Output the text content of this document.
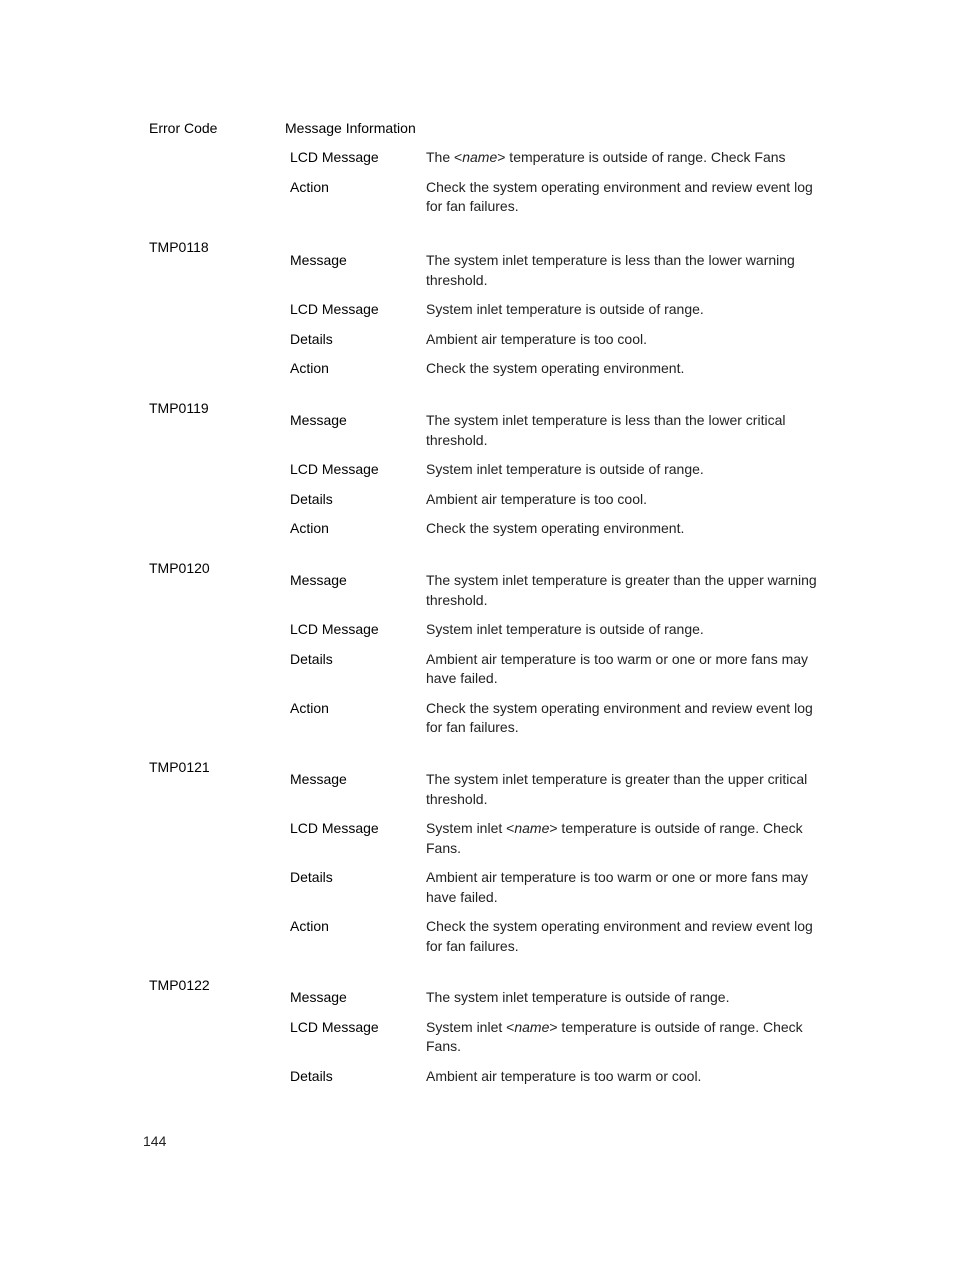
Error Code	Message Information
LCD Message	The <name> temperature is outside of range. Check Fans
Action	Check the system operating environment and review event log for fan failures.
TMP0118
Message	The system inlet temperature is less than the lower warning threshold.
LCD Message	System inlet temperature is outside of range.
Details	Ambient air temperature is too cool.
Action	Check the system operating environment.
TMP0119
Message	The system inlet temperature is less than the lower critical threshold.
LCD Message	System inlet temperature is outside of range.
Details	Ambient air temperature is too cool.
Action	Check the system operating environment.
TMP0120
Message	The system inlet temperature is greater than the upper warning threshold.
LCD Message	System inlet temperature is outside of range.
Details	Ambient air temperature is too warm or one or more fans may have failed.
Action	Check the system operating environment and review event log for fan failures.
TMP0121
Message	The system inlet temperature is greater than the upper critical threshold.
LCD Message	System inlet <name> temperature is outside of range. Check Fans.
Details	Ambient air temperature is too warm or one or more fans may have failed.
Action	Check the system operating environment and review event log for fan failures.
TMP0122
Message	The system inlet temperature is outside of range.
LCD Message	System inlet <name> temperature is outside of range. Check Fans.
Details	Ambient air temperature is too warm or cool.
144
